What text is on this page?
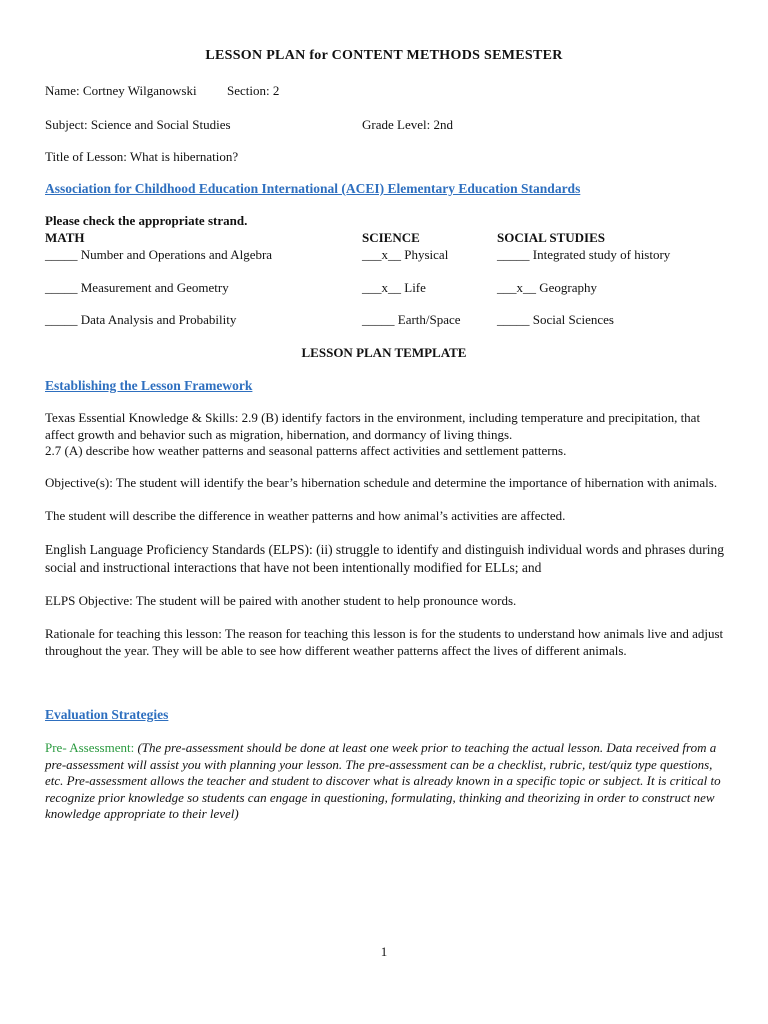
LESSON PLAN for CONTENT METHODS SEMESTER
Name: Cortney Wilganowski Section: 2
Subject: Science and Social Studies	Grade Level: 2nd
Title of Lesson: What is hibernation?
Association for Childhood Education International (ACEI) Elementary Education Standards
Please check the appropriate strand.
MATH
_____ Number and Operations and Algebra
_____ Measurement and Geometry
_____ Data Analysis and Probability
SCIENCE
___x__ Physical
___x__ Life
_____ Earth/Space
SOCIAL STUDIES
_____ Integrated study of history
___x__ Geography
_____ Social Sciences
LESSON PLAN TEMPLATE
Establishing the Lesson Framework
Texas Essential Knowledge & Skills: 2.9 (B) identify factors in the environment, including temperature and precipitation, that affect growth and behavior such as migration, hibernation, and dormancy of living things.
2.7 (A) describe how weather patterns and seasonal patterns affect activities and settlement patterns.
Objective(s): The student will identify the bear’s hibernation schedule and determine the importance of hibernation with animals.
The student will describe the difference in weather patterns and how animal’s activities are affected.
English Language Proficiency Standards (ELPS): (ii) struggle to identify and distinguish individual words and phrases during social and instructional interactions that have not been intentionally modified for ELLs; and
ELPS Objective: The student will be paired with another student to help pronounce words.
Rationale for teaching this lesson: The reason for teaching this lesson is for the students to understand how animals live and adjust throughout the year. They will be able to see how different weather patterns affect the lives of different animals.
Evaluation Strategies
Pre- Assessment: (The pre-assessment should be done at least one week prior to teaching the actual lesson. Data received from a pre-assessment will assist you with planning your lesson. The pre-assessment can be a checklist, rubric, test/quiz type questions, etc. Pre-assessment allows the teacher and student to discover what is already known in a specific topic or subject. It is critical to recognize prior knowledge so students can engage in questioning, formulating, thinking and theorizing in order to construct new knowledge appropriate to their level)
1
